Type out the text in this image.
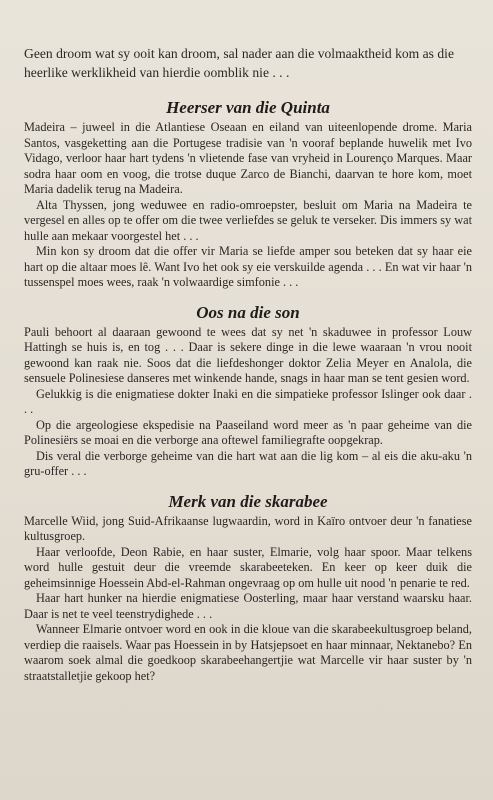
Geen droom wat sy ooit kan droom, sal nader aan die volmaaktheid kom as die heerlike werklikheid van hierdie oomblik nie . . .

Heerser van die Quinta

Madeira – juweel in die Atlantiese Oseaan en eiland van uiteenlopende drome. Maria Santos, vasgeketting aan die Portugese tradisie van 'n vooraf beplande huwelik met Ivo Vidago, verloor haar hart tydens 'n vlietende fase van vryheid in Lourenço Marques. Maar sodra haar oom en voog, die trotse duque Zarco de Bianchi, daarvan te hore kom, moet Maria dadelik terug na Madeira.

Alta Thyssen, jong weduwee en radio-omroepster, besluit om Maria na Madeira te vergesel en alles op te offer om die twee verliefdes se geluk te verseker. Dis immers sy wat hulle aan mekaar voorgestel het . . .

Min kon sy droom dat die offer vir Maria se liefde amper sou beteken dat sy haar eie hart op die altaar moes lê. Want Ivo het ook sy eie verskuilde agenda . . . En wat vir haar 'n tussenspel moes wees, raak 'n volwaardige simfonie . . .

Oos na die son

Pauli behoort al daaraan gewoond te wees dat sy net 'n skaduwee in professor Louw Hattingh se huis is, en tog . . . Daar is sekere dinge in die lewe waaraan 'n vrou nooit gewoond kan raak nie. Soos dat die liefdeshonger doktor Zelia Meyer en Analola, die sensuele Polinesiese danseres met winkende hande, snags in haar man se tent gesien word.

Gelukkig is die enigmatiese dokter Inaki en die simpatieke professor Islinger ook daar . . .

Op die argeologiese ekspedisie na Paaseiland word meer as 'n paar geheime van die Polinesiërs se moai en die verborge ana oftewel familiegrafte oopgekrap.

Dis veral die verborge geheime van die hart wat aan die lig kom – al eis die aku-aku 'n gru-offer . . .

Merk van die skarabee

Marcelle Wiid, jong Suid-Afrikaanse lugwaardin, word in Kaïro ontvoer deur 'n fanatiese kultusgroep.

Haar verloofde, Deon Rabie, en haar suster, Elmarie, volg haar spoor. Maar telkens word hulle gestuit deur die vreemde skarabeeteken. En keer op keer duik die geheimsinnige Hoessein Abd-el-Rahman ongevraag op om hulle uit nood 'n penarie te red.

Haar hart hunker na hierdie enigmatiese Oosterling, maar haar verstand waarsku haar. Daar is net te veel teenstrydighede . . .

Wanneer Elmarie ontvoer word en ook in die kloue van die skarabeekultusgroep beland, verdiep die raaisels. Waar pas Hoessein in by Hatsjepsoet en haar minnaar, Nektanebo? En waarom soek almal die goedkoop skarabeehangertjie wat Marcelle vir haar suster by 'n straatstalletjie gekoop het?
